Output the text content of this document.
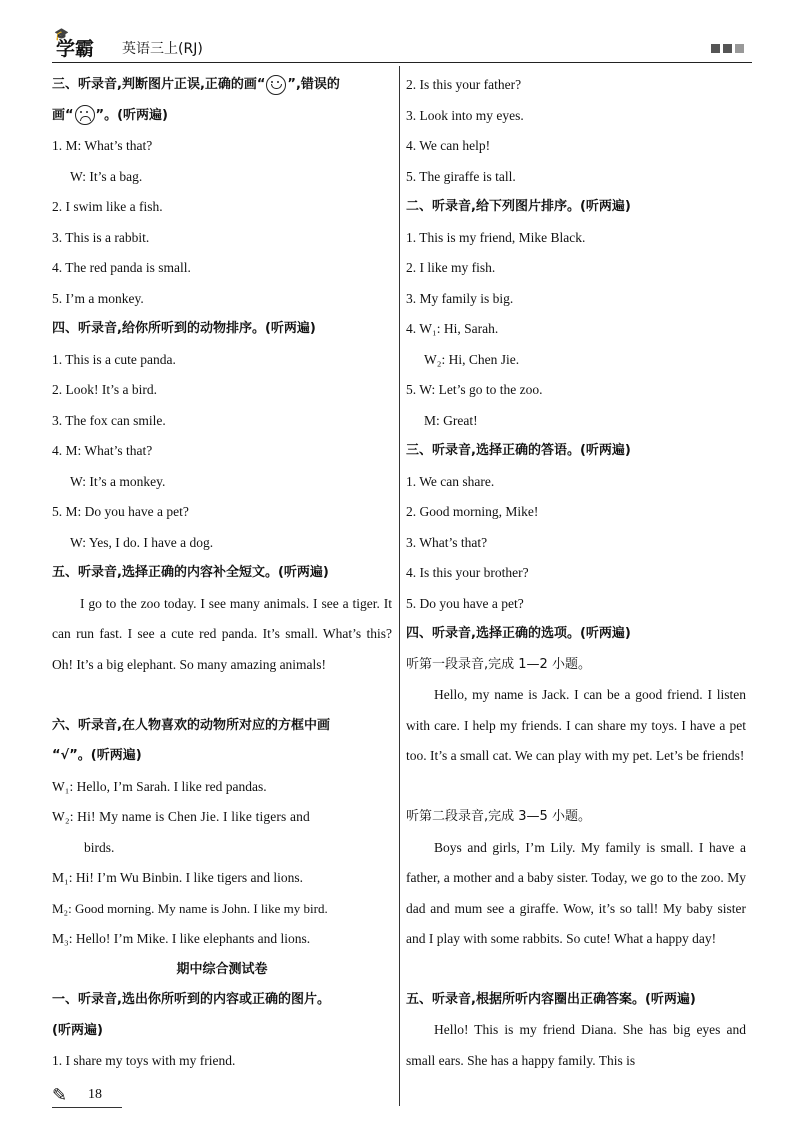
🎓
学霸 英语三上(RJ)
三、听录音,判断图片正误,正确的画“ ”,错误的
画“ ”。(听两遍)
1. M: What’s that?
W: It’s a bag.
2. I swim like a fish.
3. This is a rabbit.
4. The red panda is small.
5. I’m a monkey.
四、听录音,给你所听到的动物排序。(听两遍)
1. This is a cute panda.
2. Look! It’s a bird.
3. The fox can smile.
4. M: What’s that?
W: It’s a monkey.
5. M: Do you have a pet?
W: Yes, I do. I have a dog.
五、听录音,选择正确的内容补全短文。(听两遍)
I go to the zoo today. I see many animals. I see a tiger. It can run fast. I see a cute red panda. It’s small. What’s this? Oh! It’s a big elephant. So many amazing animals!
六、听录音,在人物喜欢的动物所对应的方框中画
“√”。(听两遍)
W₁: Hello, I’m Sarah. I like red pandas.
W₂: Hi! My name is Chen Jie. I like tigers and
birds.
M₁: Hi! I’m Wu Binbin. I like tigers and lions.
M₂: Good morning. My name is John. I like my bird.
M₃: Hello! I’m Mike. I like elephants and lions.
期中综合测试卷
一、听录音,选出你所听到的内容或正确的图片。
(听两遍)
1. I share my toys with my friend.
2. Is this your father?
3. Look into my eyes.
4. We can help!
5. The giraffe is tall.
二、听录音,给下列图片排序。(听两遍)
1. This is my friend, Mike Black.
2. I like my fish.
3. My family is big.
4. W₁: Hi, Sarah.
W₂: Hi, Chen Jie.
5. W: Let’s go to the zoo.
M: Great!
三、听录音,选择正确的答语。(听两遍)
1. We can share.
2. Good morning, Mike!
3. What’s that?
4. Is this your brother?
5. Do you have a pet?
四、听录音,选择正确的选项。(听两遍)
听第一段录音,完成 1—2 小题。
Hello, my name is Jack. I can be a good friend. I listen with care. I help my friends. I can share my toys. I have a pet too. It’s a small cat. We can play with my pet. Let’s be friends!
听第二段录音,完成 3—5 小题。
Boys and girls, I’m Lily. My family is small. I have a father, a mother and a baby sister. Today, we go to the zoo. My dad and mum see a giraffe. Wow, it’s so tall! My baby sister and I play with some rabbits. So cute! What a happy day!
五、听录音,根据所听内容圈出正确答案。(听两遍)
Hello! This is my friend Diana. She has big eyes and small ears. She has a happy family. This is
✎ 18
